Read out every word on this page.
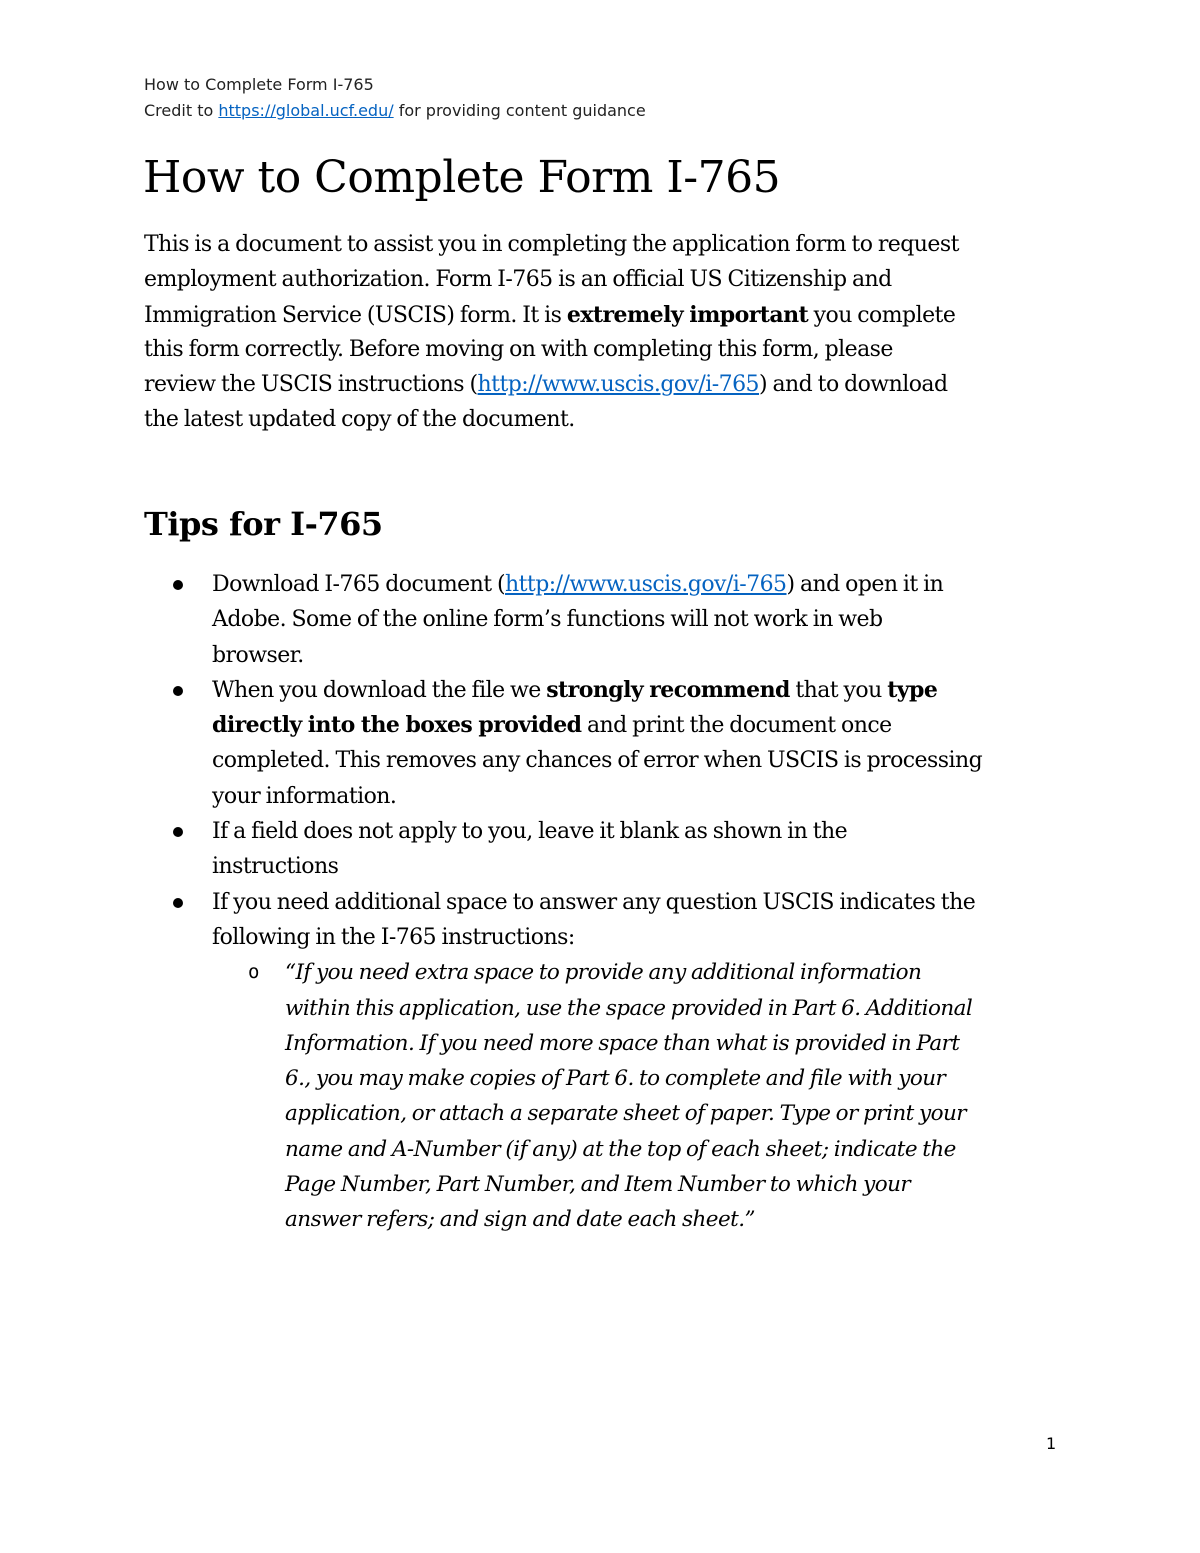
How to Complete Form I-765
Credit to https://global.ucf.edu/ for providing content guidance
How to Complete Form I-765
This is a document to assist you in completing the application form to request
employment authorization. Form I-765 is an official US Citizenship and
Immigration Service (USCIS) form. It is extremely important you complete
this form correctly. Before moving on with completing this form, please
review the USCIS instructions (http://www.uscis.gov/i-765) and to download
the latest updated copy of the document.
Tips for I-765
Download I-765 document (http://www.uscis.gov/i-765) and open it in
Adobe. Some of the online form’s functions will not work in web
browser.
When you download the file we strongly recommend that you type
directly into the boxes provided and print the document once
completed. This removes any chances of error when USCIS is processing
your information.
If a field does not apply to you, leave it blank as shown in the
instructions
If you need additional space to answer any question USCIS indicates the
following in the I-765 instructions:
o “If you need extra space to provide any additional information
within this application, use the space provided in Part 6. Additional
Information. If you need more space than what is provided in Part
6., you may make copies of Part 6. to complete and file with your
application, or attach a separate sheet of paper. Type or print your
name and A-Number (if any) at the top of each sheet; indicate the
Page Number, Part Number, and Item Number to which your
answer refers; and sign and date each sheet.”
1
